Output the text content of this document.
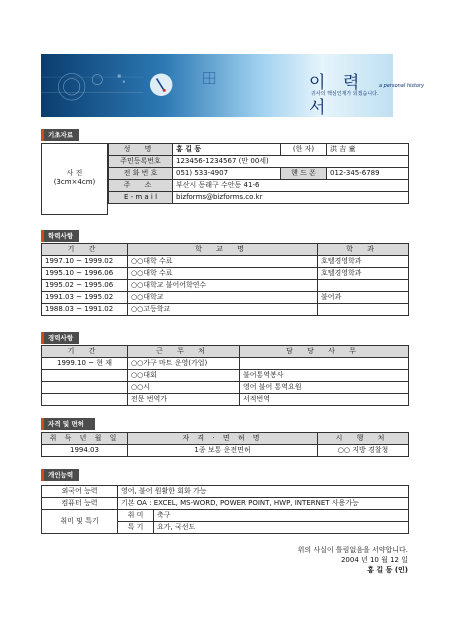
이 력 서
a personal history
귀사의 핵심인재가 되겠습니다.
기초자료
사 진
(3cm×4cm)
성 명	홍 길 동	(한 자)	洪 吉 童
주민등록번호	123456-1234567 (만 00세)		
전 화 번 호	051) 533-4907	핸 드 폰	012-345-6789
주 소	부산시 동래구 수안동 41-6		
E - m a i l	bizforms@bizforms.co.kr		
학력사항
기 간	학 교 명	학 과
1997.10 ~ 1999.02	○○대학 수료	호텔경영학과
1995.10 ~ 1996.06	○○대학 수료	호텔경영학과
1995.02 ~ 1995.06	○○대학교 불어어학연수	
1991.03 ~ 1995.02	○○대학교	불어과
1988.03 ~ 1991.02	○○고등학교	
경력사항
기 간	근 무 처	담 당 사 무
1999.10 ~ 현 재	○○가구 마트 운영(가업)	
	○○대회	불어통역봉사
	○○시	영어 불어 통역요원
	전문 번역가	서적번역
자격 및 면허
취 득 년 월 일	자 격 · 면 허 명	시 행 처
1994.03	1종 보통 운전면허	○○ 지방 경찰청
개인능력
외국어 능력	영어, 불어 원활한 회화 가능	
컴퓨터 능력	기본 OA : EXCEL, MS-WORD, POWER POINT, HWP, INTERNET 사용가능	
취미 및 특기	취 미	축구
	특 기	요가, 국선도
위의 사실이 틀림없음을 서약합니다.
2004 년 10 월 12 일
홍 길 동 (인)
